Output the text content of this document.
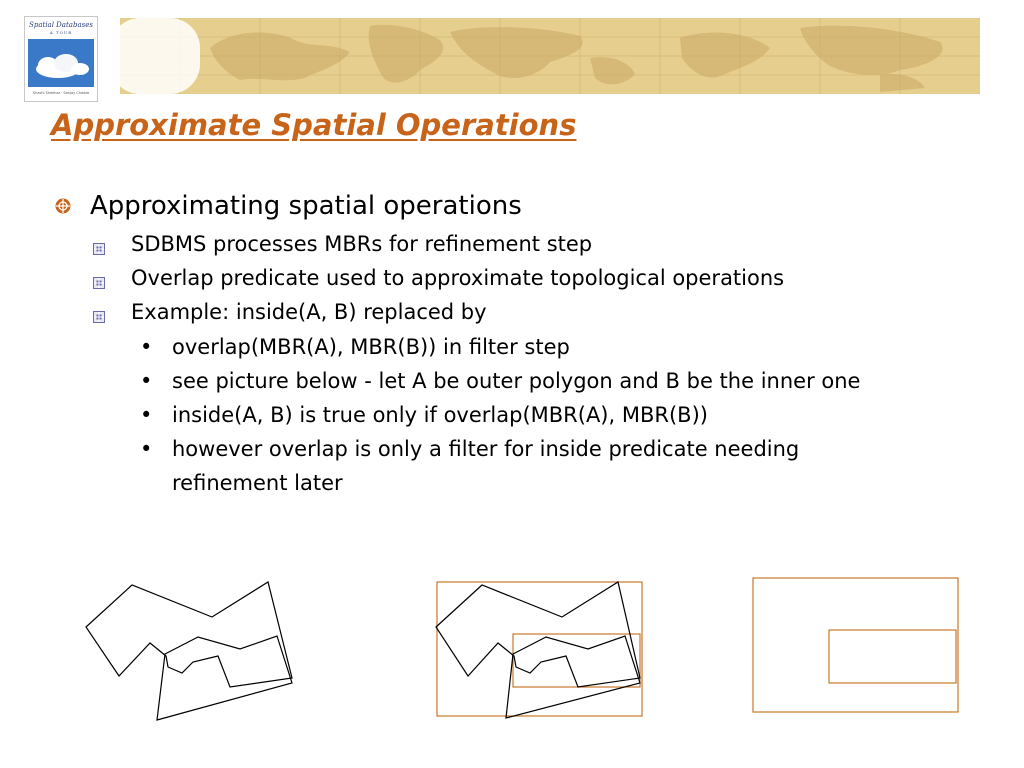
Spatial Databases
A TOUR
Shashi Shekhar · Sanjay Chawla
Approximate Spatial Operations
Approximating spatial operations
SDBMS processes MBRs for refinement step
Overlap predicate used to approximate topological operations
Example: inside(A, B) replaced by
• overlap(MBR(A), MBR(B)) in filter step
• see picture below - let A be outer polygon and B be the inner one
• inside(A, B) is true only if overlap(MBR(A), MBR(B))
• however overlap is only a filter for inside predicate needing
refinement later
